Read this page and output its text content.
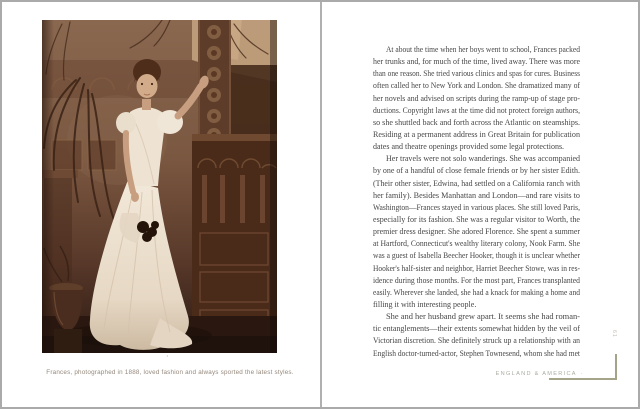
·
Frances, photographed in 1888, loved fashion and always sported the latest styles.
At about the time when her boys went to school, Frances packed
her trunks and, for much of the time, lived away. There was more
than one reason. She tried various clinics and spas for cures. Business
often called her to New York and London. She dramatized many of
her novels and advised on scripts during the ramp-up of stage pro-
ductions. Copyright laws at the time did not protect foreign authors,
so she shuttled back and forth across the Atlantic on steamships.
Residing at a permanent address in Great Britain for publication
dates and theatre openings provided some legal protections.
Her travels were not solo wanderings. She was accompanied
by one of a handful of close female friends or by her sister Edith.
(Their other sister, Edwina, had settled on a California ranch with
her family). Besides Manhattan and London—and rare visits to
Washington—Frances stayed in various places. She still loved Paris,
especially for its fashion. She was a regular visitor to Worth, the
premier dress designer. She adored Florence. She spent a summer
at Hartford, Connecticut's wealthy literary colony, Nook Farm. She
was a guest of Isabella Beecher Hooker, though it is unclear whether
Hooker's half-sister and neighbor, Harriet Beecher Stowe, was in res-
idence during those months. For the most part, Frances transplanted
easily. Wherever she landed, she had a knack for making a home and
filling it with interesting people.
She and her husband grew apart. It seems she had roman-
tic entanglements—their extents somewhat hidden by the veil of
Victorian discretion. She definitely struck up a relationship with an
English doctor-turned-actor, Stephen Townesend, whom she had met
ENGLAND & AMERICA ·
61
